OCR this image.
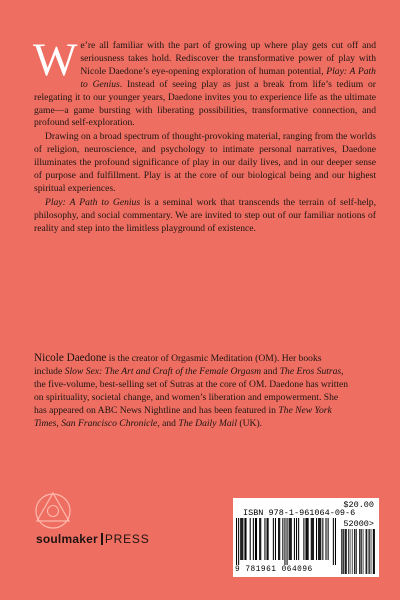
We’re all familiar with the part of growing up where play gets cut off and seriousness takes hold. Rediscover the transformative power of play with Nicole Daedone’s eye-opening exploration of human potential, Play: A Path to Genius. Instead of seeing play as just a break from life’s tedium or relegating it to our younger years, Daedone invites you to experience life as the ultimate game—a game bursting with liberating possibilities, transformative connection, and profound self-exploration.

Drawing on a broad spectrum of thought-provoking material, ranging from the worlds of religion, neuroscience, and psychology to intimate personal narratives, Daedone illuminates the profound significance of play in our daily lives, and in our deeper sense of purpose and fulfillment. Play is at the core of our biological being and our highest spiritual experiences.

Play: A Path to Genius is a seminal work that transcends the terrain of self-help, philosophy, and social commentary. We are invited to step out of our familiar notions of reality and step into the limitless playground of existence.

Nicole Daedone is the creator of Orgasmic Meditation (OM). Her books include Slow Sex: The Art and Craft of the Female Orgasm and The Eros Sutras, the five-volume, best-selling set of Sutras at the core of OM. Daedone has written on spirituality, societal change, and women’s liberation and empowerment. She has appeared on ABC News Nightline and has been featured in The New York Times, San Francisco Chronicle, and The Daily Mail (UK).

soulmaker PRESS
$20.00
ISBN 978-1-961064-09-6
9 781961 064096
52000>
